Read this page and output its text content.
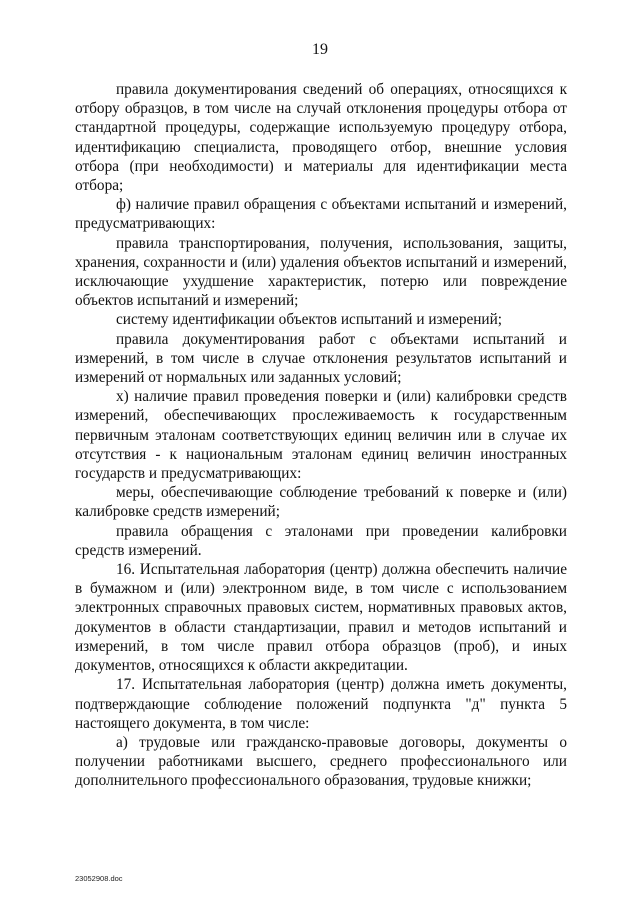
19

правила документирования сведений об операциях, относящихся к отбору образцов, в том числе на случай отклонения процедуры отбора от стандартной процедуры, содержащие используемую процедуру отбора, идентификацию специалиста, проводящего отбор, внешние условия отбора (при необходимости) и материалы для идентификации места отбора;

ф) наличие правил обращения с объектами испытаний и измерений, предусматривающих:

правила транспортирования, получения, использования, защиты, хранения, сохранности и (или) удаления объектов испытаний и измерений, исключающие ухудшение характеристик, потерю или повреждение объектов испытаний и измерений;

систему идентификации объектов испытаний и измерений;

правила документирования работ с объектами испытаний и измерений, в том числе в случае отклонения результатов испытаний и измерений от нормальных или заданных условий;

х) наличие правил проведения поверки и (или) калибровки средств измерений, обеспечивающих прослеживаемость к государственным первичным эталонам соответствующих единиц величин или в случае их отсутствия - к национальным эталонам единиц величин иностранных государств и предусматривающих:

меры, обеспечивающие соблюдение требований к поверке и (или) калибровке средств измерений;

правила обращения с эталонами при проведении калибровки средств измерений.

16. Испытательная лаборатория (центр) должна обеспечить наличие в бумажном и (или) электронном виде, в том числе с использованием электронных справочных правовых систем, нормативных правовых актов, документов в области стандартизации, правил и методов испытаний и измерений, в том числе правил отбора образцов (проб), и иных документов, относящихся к области аккредитации.

17. Испытательная лаборатория (центр) должна иметь документы, подтверждающие соблюдение положений подпункта "д" пункта 5 настоящего документа, в том числе:

а) трудовые или гражданско-правовые договоры, документы о получении работниками высшего, среднего профессионального или дополнительного профессионального образования, трудовые книжки;

23052908.doc
